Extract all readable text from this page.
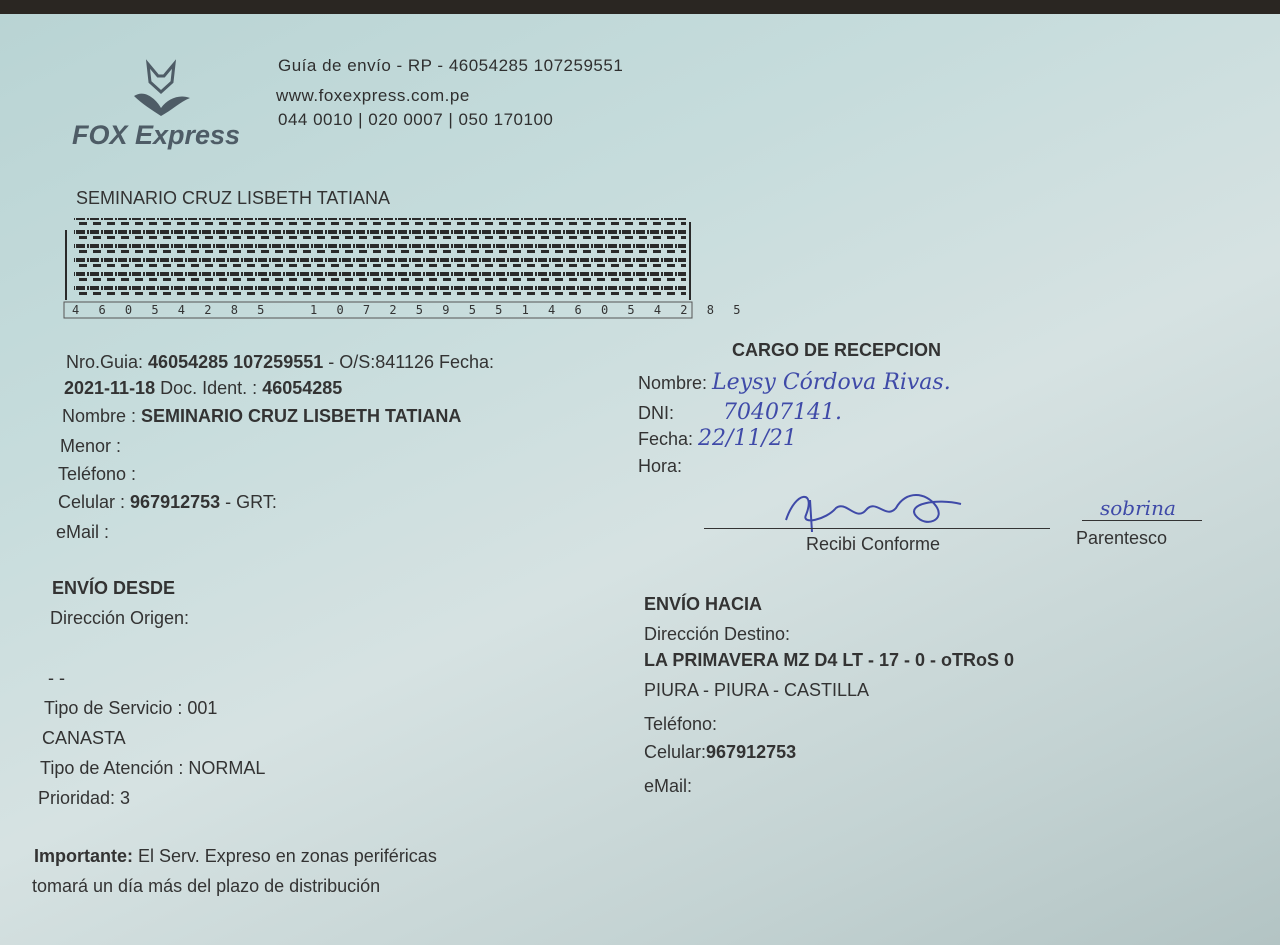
FOX Express
Guía de envío - RP - 46054285 107259551
www.foxexpress.com.pe
044 0010 | 020 0007 | 050 170100
SEMINARIO CRUZ LISBETH TATIANA
4 6 0 5 4 2 8 5	1 0 7 2 5 9 5 5 1 4 6 0 5 4 2 8 5
Nro.Guia: 46054285 107259551 - O/S:841126 Fecha:
2021-11-18 Doc. Ident. : 46054285
Nombre : SEMINARIO CRUZ LISBETH TATIANA
Menor :
Teléfono :
Celular : 967912753 - GRT:
eMail :
CARGO DE RECEPCION
Nombre: Leysy Córdova Rivas.
DNI: 70407141.
Fecha: 22/11/21
Hora:
Recibi Conforme
sobrina
Parentesco
ENVÍO DESDE
Dirección Origen:
- -
Tipo de Servicio : 001
CANASTA
Tipo de Atención : NORMAL
Prioridad: 3
ENVÍO HACIA
Dirección Destino:
LA PRIMAVERA MZ D4 LT - 17 - 0 - oTRoS 0
PIURA - PIURA - CASTILLA
Teléfono:
Celular:967912753
eMail:
Importante: El Serv. Expreso en zonas periféricas
tomará un día más del plazo de distribución
